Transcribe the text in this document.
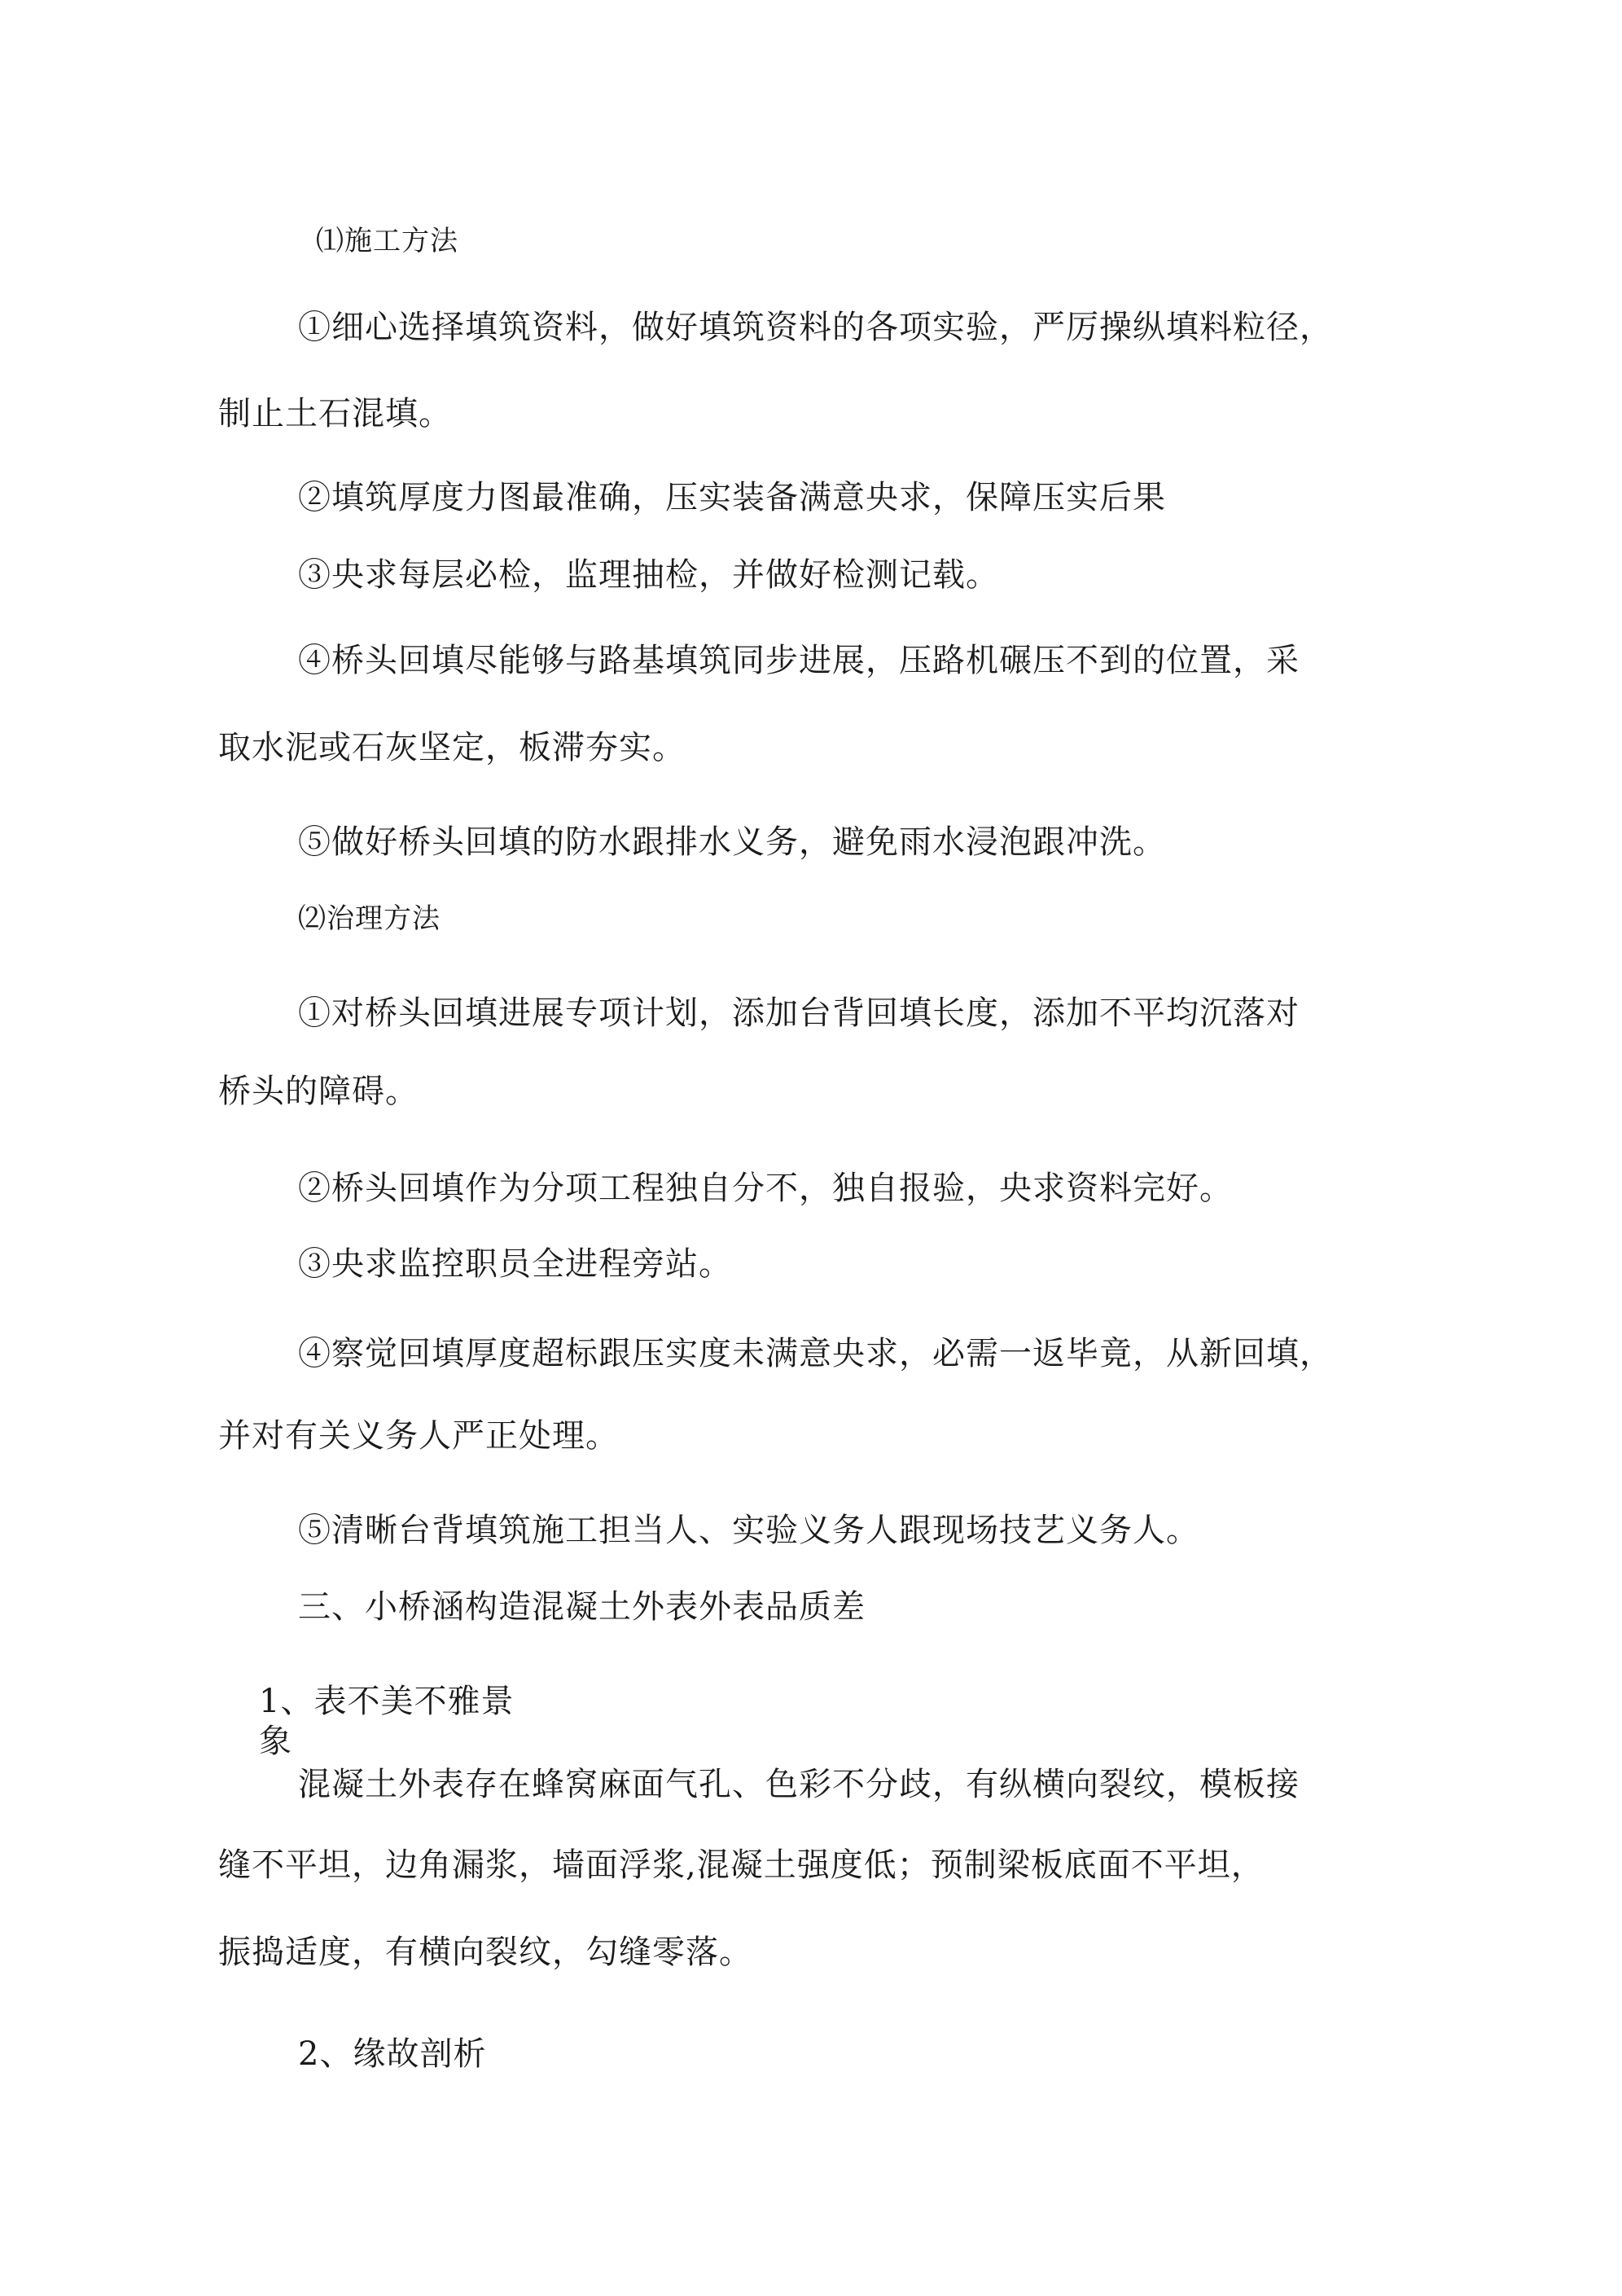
⑴施工方法
①细心选择填筑资料，做好填筑资料的各项实验，严厉操纵填料粒径，
制止土石混填。
②填筑厚度力图最准确，压实装备满意央求，保障压实后果
③央求每层必检，监理抽检，并做好检测记载。
④桥头回填尽能够与路基填筑同步进展，压路机碾压不到的位置，采
取水泥或石灰坚定，板滞夯实。
⑤做好桥头回填的防水跟排水义务，避免雨水浸泡跟冲洗。
⑵治理方法
①对桥头回填进展专项计划，添加台背回填长度，添加不平均沉落对
桥头的障碍。
②桥头回填作为分项工程独自分不，独自报验，央求资料完好。
③央求监控职员全进程旁站。
④察觉回填厚度超标跟压实度未满意央求，必需一返毕竟，从新回填，
并对有关义务人严正处理。
⑤清晰台背填筑施工担当人、实验义务人跟现场技艺义务人。
三、小桥涵构造混凝土外表外表品质差
1、表不美不雅景
象
混凝土外表存在蜂窝麻面气孔、色彩不分歧，有纵横向裂纹，模板接
缝不平坦，边角漏浆，墙面浮浆,混凝土强度低；预制梁板底面不平坦，
振捣适度，有横向裂纹，勾缝零落。
2、缘故剖析
